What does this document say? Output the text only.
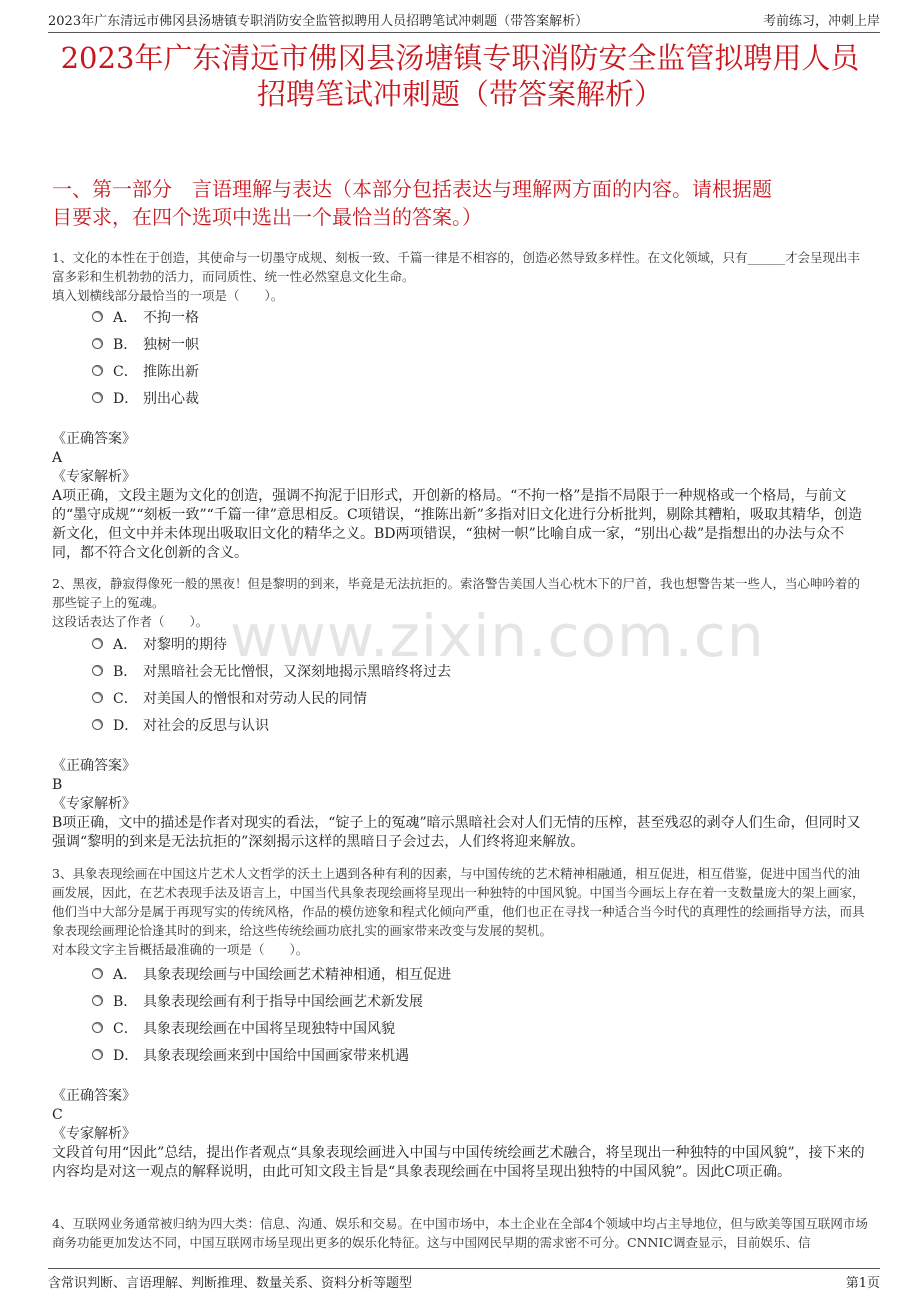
2023年广东清远市佛冈县汤塘镇专职消防安全监管拟聘用人员招聘笔试冲刺题（带答案解析）	考前练习，冲刺上岸
2023年广东清远市佛冈县汤塘镇专职消防安全监管拟聘用人员
招聘笔试冲刺题（带答案解析）
一、第一部分　言语理解与表达（本部分包括表达与理解两方面的内容。请根据题
目要求，在四个选项中选出一个最恰当的答案。）
www.zixin.com.cn
1、文化的本性在于创造，其使命与一切墨守成规、刻板一致、千篇一律是不相容的，创造必然导致多样性。在文化领域，只有______才会呈现出丰富多彩和生机勃勃的活力，而同质性、统一性必然窒息文化生命。
填入划横线部分最恰当的一项是（　　）。
A． 不拘一格
B． 独树一帜
C． 推陈出新
D． 别出心裁
《正确答案》
A
《专家解析》
A项正确，文段主题为文化的创造，强调不拘泥于旧形式，开创新的格局。“不拘一格”是指不局限于一种规格或一个格局，与前文的“墨守成规”“刻板一致”“千篇一律”意思相反。C项错误，“推陈出新”多指对旧文化进行分析批判，剔除其糟粕，吸取其精华，创造新文化，但文中并未体现出吸取旧文化的精华之义。BD两项错误，“独树一帜”比喻自成一家，“别出心裁”是指想出的办法与众不同，都不符合文化创新的含义。
2、黑夜，静寂得像死一般的黑夜！但是黎明的到来，毕竟是无法抗拒的。索洛警告美国人当心枕木下的尸首，我也想警告某一些人，当心呻吟着的那些锭子上的冤魂。
这段话表达了作者（　　）。
A． 对黎明的期待
B． 对黑暗社会无比憎恨，又深刻地揭示黑暗终将过去
C． 对美国人的憎恨和对劳动人民的同情
D． 对社会的反思与认识
《正确答案》
B
《专家解析》
B项正确，文中的描述是作者对现实的看法，“锭子上的冤魂”暗示黑暗社会对人们无情的压榨，甚至残忍的剥夺人们生命，但同时又强调“黎明的到来是无法抗拒的”深刻揭示这样的黑暗日子会过去，人们终将迎来解放。
3、具象表现绘画在中国这片艺术人文哲学的沃土上遇到各种有利的因素，与中国传统的艺术精神相融通，相互促进，相互借鉴，促进中国当代的油画发展，因此，在艺术表现手法及语言上，中国当代具象表现绘画将呈现出一种独特的中国风貌。中国当今画坛上存在着一支数量庞大的架上画家，他们当中大部分是属于再现写实的传统风格，作品的模仿迹象和程式化倾向严重，他们也正在寻找一种适合当今时代的真理性的绘画指导方法，而具象表现绘画理论恰逢其时的到来，给这些传统绘画功底扎实的画家带来改变与发展的契机。
对本段文字主旨概括最准确的一项是（　　）。
A． 具象表现绘画与中国绘画艺术精神相通，相互促进
B． 具象表现绘画有利于指导中国绘画艺术新发展
C． 具象表现绘画在中国将呈现独特中国风貌
D． 具象表现绘画来到中国给中国画家带来机遇
《正确答案》
C
《专家解析》
文段首句用“因此”总结，提出作者观点“具象表现绘画进入中国与中国传统绘画艺术融合，将呈现出一种独特的中国风貌”，接下来的内容均是对这一观点的解释说明，由此可知文段主旨是“具象表现绘画在中国将呈现出独特的中国风貌”。因此C项正确。
4、互联网业务通常被归纳为四大类：信息、沟通、娱乐和交易。在中国市场中，本土企业在全部4个领域中均占主导地位，但与欧美等国互联网市场商务功能更加发达不同，中国互联网市场呈现出更多的娱乐化特征。这与中国网民早期的需求密不可分。CNNIC调查显示，目前娱乐、信
含常识判断、言语理解、判断推理、数量关系、资料分析等题型	第1页
